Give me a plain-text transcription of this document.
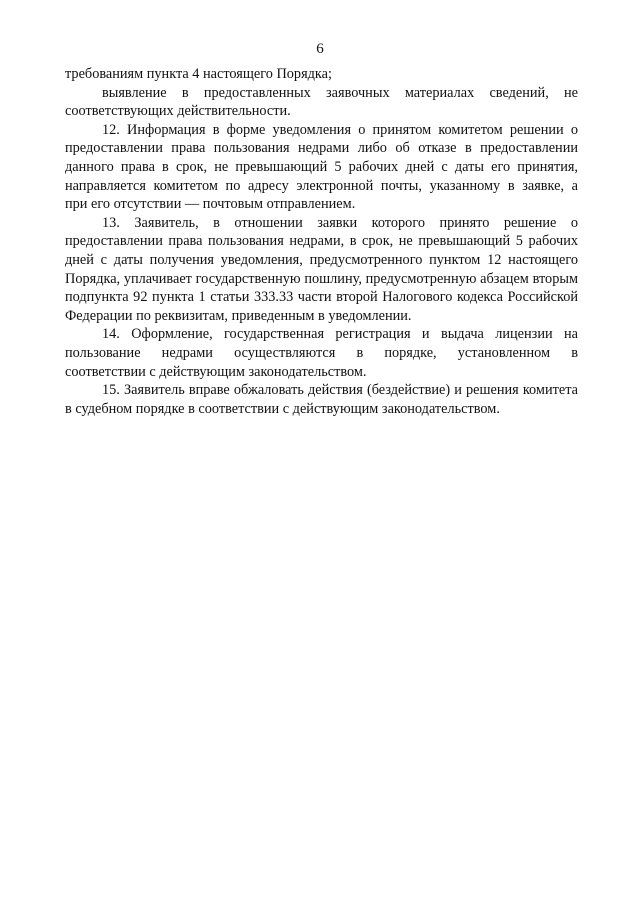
6
требованиям пункта 4 настоящего Порядка;
выявление в предоставленных заявочных материалах сведений, не
соответствующих действительности.
12. Информация в форме уведомления о принятом комитетом решении о
предоставлении права пользования недрами либо об отказе в предоставлении
данного права в срок, не превышающий 5 рабочих дней с даты его принятия,
направляется комитетом по адресу электронной почты, указанному в заявке, а
при его отсутствии — почтовым отправлением.
13. Заявитель, в отношении заявки которого принято решение о
предоставлении права пользования недрами, в срок, не превышающий 5 рабочих
дней с даты получения уведомления, предусмотренного пунктом 12 настоящего
Порядка, уплачивает государственную пошлину, предусмотренную абзацем вторым
подпункта 92 пункта 1 статьи 333.33 части второй Налогового кодекса Российской
Федерации по реквизитам, приведенным в уведомлении.
14. Оформление, государственная регистрация и выдача лицензии на
пользование недрами осуществляются в порядке, установленном в
соответствии с действующим законодательством.
15. Заявитель вправе обжаловать действия (бездействие) и решения комитета
в судебном порядке в соответствии с действующим законодательством.
